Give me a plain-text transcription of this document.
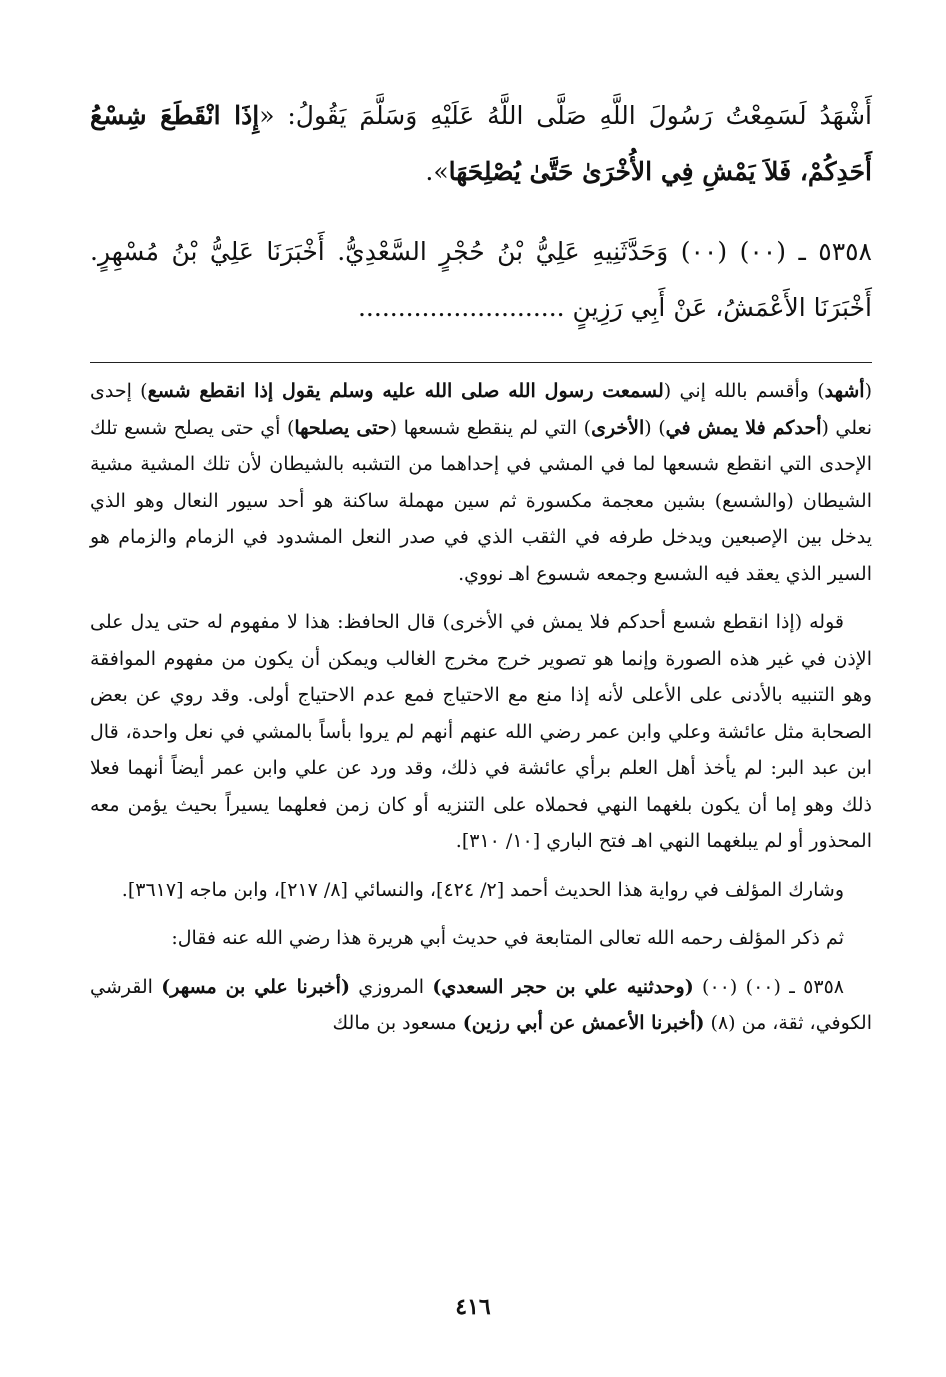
أَشْهَدُ لَسَمِعْتُ رَسُولَ اللَّهِ صَلَّى اللَّهُ عَلَيْهِ وَسَلَّمَ يَقُولُ: «إِذَا انْقَطَعَ شِسْعُ أَحَدِكُمْ، فَلاَ يَمْشِ فِي الأُخْرَىٰ حَتَّىٰ يُصْلِحَهَا».

٥٣٥٨ ـ (٠٠) (٠٠) وَحَدَّثَنِيهِ عَلِيُّ بْنُ حُجْرٍ السَّعْدِيُّ. أَخْبَرَنَا عَلِيُّ بْنُ مُسْهِرٍ. أَخْبَرَنَا الأَعْمَشُ، عَنْ أَبِي رَزِينٍ ..........................

(أشهد) وأقسم بالله إني (لسمعت رسول الله صلى الله عليه وسلم يقول إذا انقطع شسع) إحدى نعلي (أحدكم فلا يمش في) (الأخرى) التي لم ينقطع شسعها (حتى يصلحها) أي حتى يصلح شسع تلك الإحدى التي انقطع شسعها لما في المشي في إحداهما من التشبه بالشيطان لأن تلك المشية مشية الشيطان (والشسع) بشين معجمة مكسورة ثم سين مهملة ساكنة هو أحد سيور النعال وهو الذي يدخل بين الإصبعين ويدخل طرفه في الثقب الذي في صدر النعل المشدود في الزمام والزمام هو السير الذي يعقد فيه الشسع وجمعه شسوع اهـ نووي.

قوله (إذا انقطع شسع أحدكم فلا يمش في الأخرى) قال الحافظ: هذا لا مفهوم له حتى يدل على الإذن في غير هذه الصورة وإنما هو تصوير خرج مخرج الغالب ويمكن أن يكون من مفهوم الموافقة وهو التنبيه بالأدنى على الأعلى لأنه إذا منع مع الاحتياج فمع عدم الاحتياج أولى. وقد روي عن بعض الصحابة مثل عائشة وعلي وابن عمر رضي الله عنهم أنهم لم يروا بأساً بالمشي في نعل واحدة، قال ابن عبد البر: لم يأخذ أهل العلم برأي عائشة في ذلك، وقد ورد عن علي وابن عمر أيضاً أنهما فعلا ذلك وهو إما أن يكون بلغهما النهي فحملاه على التنزيه أو كان زمن فعلهما يسيراً بحيث يؤمن معه المحذور أو لم يبلغهما النهي اهـ فتح الباري [١٠/ ٣١٠].

وشارك المؤلف في رواية هذا الحديث أحمد [٢/ ٤٢٤]، والنسائي [٨/ ٢١٧]، وابن ماجه [٣٦١٧].

ثم ذكر المؤلف رحمه الله تعالى المتابعة في حديث أبي هريرة هذا رضي الله عنه فقال:

٥٣٥٨ ـ (٠٠) (٠٠) (وحدثنيه علي بن حجر السعدي) المروزي (أخبرنا علي بن مسهر) القرشي الكوفي، ثقة، من (٨) (أخبرنا الأعمش عن أبي رزين) مسعود بن مالك

٤١٦
